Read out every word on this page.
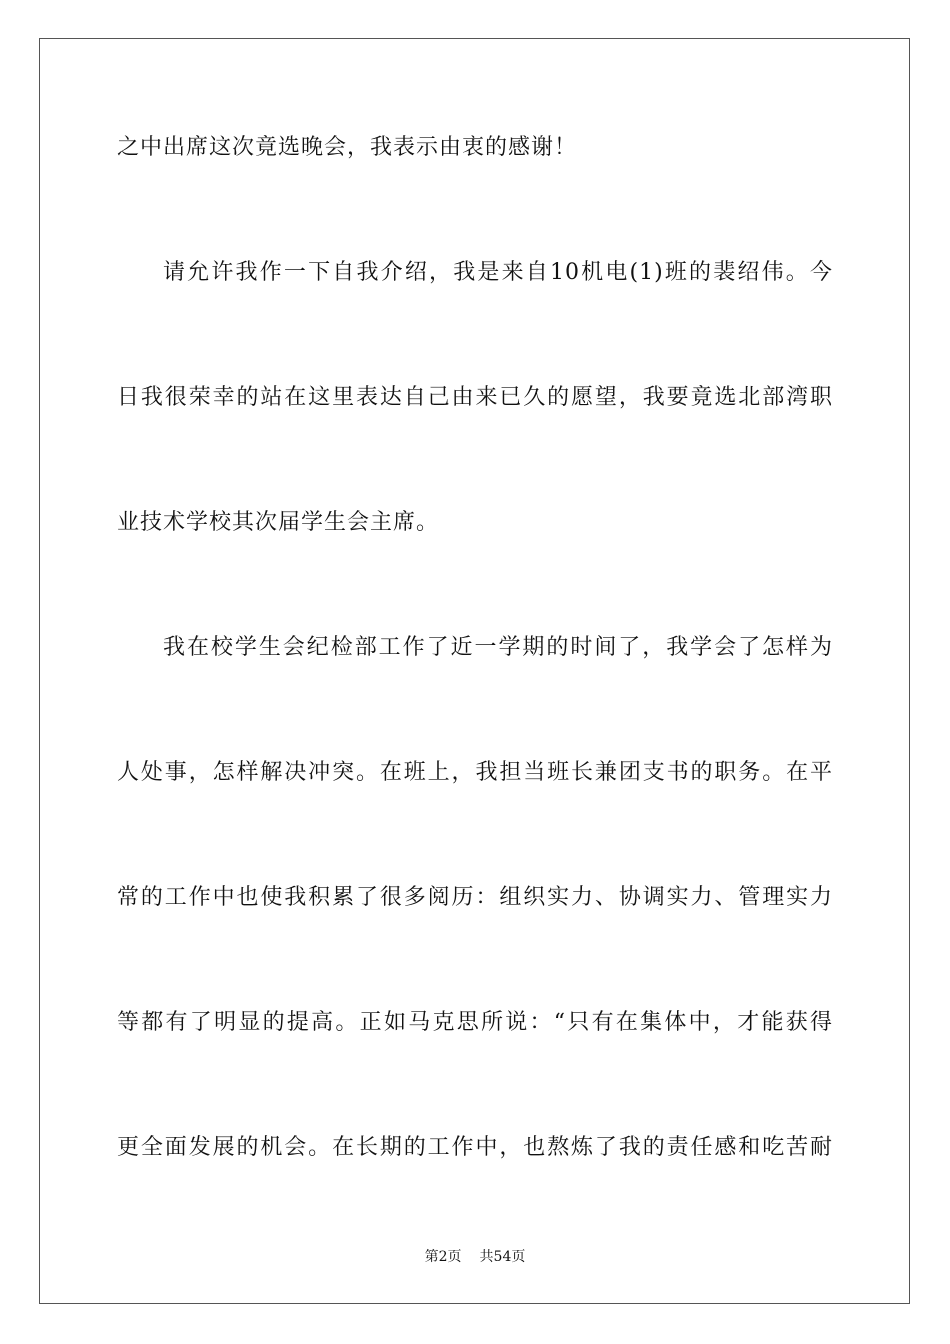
之中出席这次竟选晚会，我表示由衷的感谢！
请允许我作一下自我介绍，我是来自10机电(1)班的裴绍伟。今
日我很荣幸的站在这里表达自己由来已久的愿望，我要竟选北部湾职
业技术学校其次届学生会主席。
我在校学生会纪检部工作了近一学期的时间了，我学会了怎样为
人处事，怎样解决冲突。在班上，我担当班长兼团支书的职务。在平
常的工作中也使我积累了很多阅历：组织实力、协调实力、管理实力
等都有了明显的提高。正如马克思所说：“只有在集体中，才能获得
更全面发展的机会。在长期的工作中，也熬炼了我的责任感和吃苦耐
第2页 共54页
